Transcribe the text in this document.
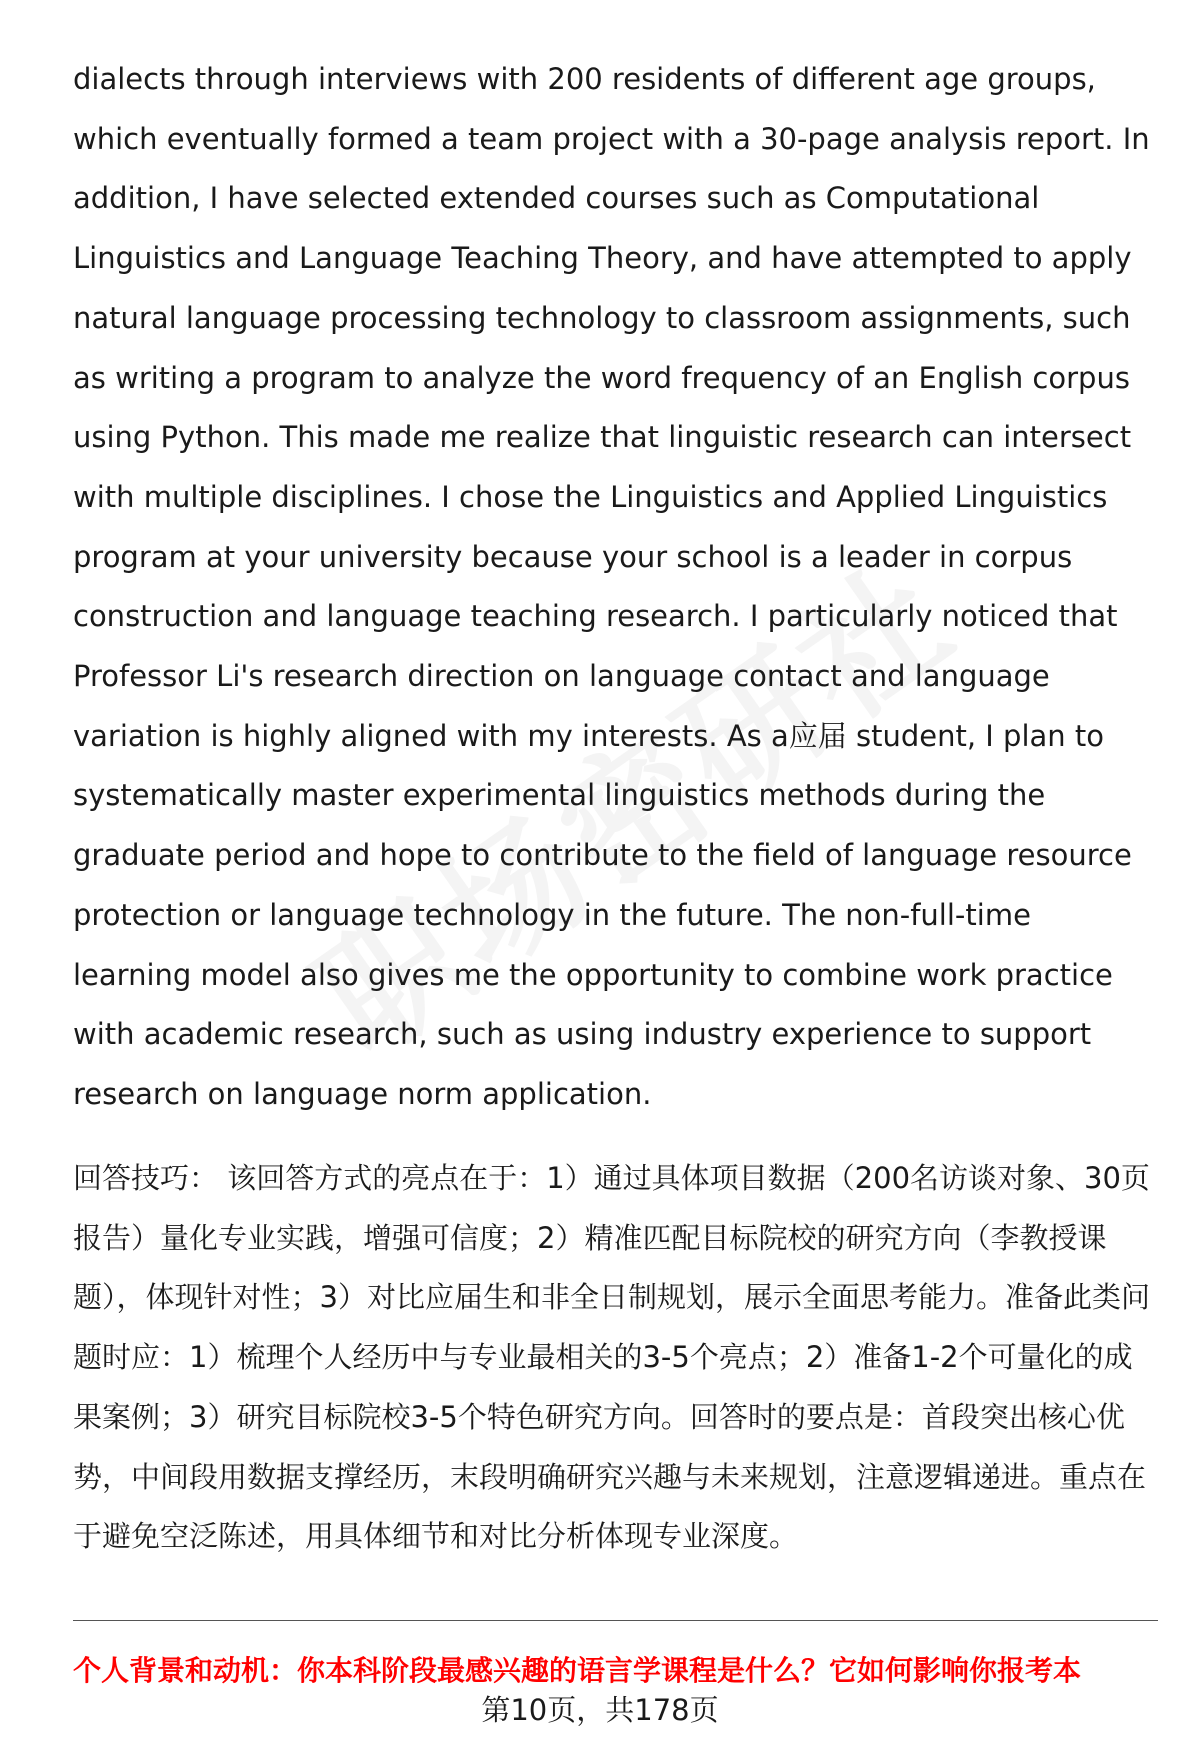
dialects through interviews with 200 residents of different age groups, which eventually formed a team project with a 30-page analysis report. In addition, I have selected extended courses such as Computational Linguistics and Language Teaching Theory, and have attempted to apply natural language processing technology to classroom assignments, such as writing a program to analyze the word frequency of an English corpus using Python. This made me realize that linguistic research can intersect with multiple disciplines. I chose the Linguistics and Applied Linguistics program at your university because your school is a leader in corpus construction and language teaching research. I particularly noticed that Professor Li's research direction on language contact and language variation is highly aligned with my interests. As a应届 student, I plan to systematically master experimental linguistics methods during the graduate period and hope to contribute to the field of language resource protection or language technology in the future. The non-full-time learning model also gives me the opportunity to combine work practice with academic research, such as using industry experience to support research on language norm application.

回答技巧： 该回答方式的亮点在于：1）通过具体项目数据（200名访谈对象、30页报告）量化专业实践，增强可信度；2）精准匹配目标院校的研究方向（李教授课题），体现针对性；3）对比应届生和非全日制规划，展示全面思考能力。准备此类问题时应：1）梳理个人经历中与专业最相关的3-5个亮点；2）准备1-2个可量化的成果案例；3）研究目标院校3-5个特色研究方向。回答时的要点是：首段突出核心优势，中间段用数据支撑经历，末段明确研究兴趣与未来规划，注意逻辑递进。重点在于避免空泛陈述，用具体细节和对比分析体现专业深度。

个人背景和动机：你本科阶段最感兴趣的语言学课程是什么？它如何影响你报考本

第10页，共178页
